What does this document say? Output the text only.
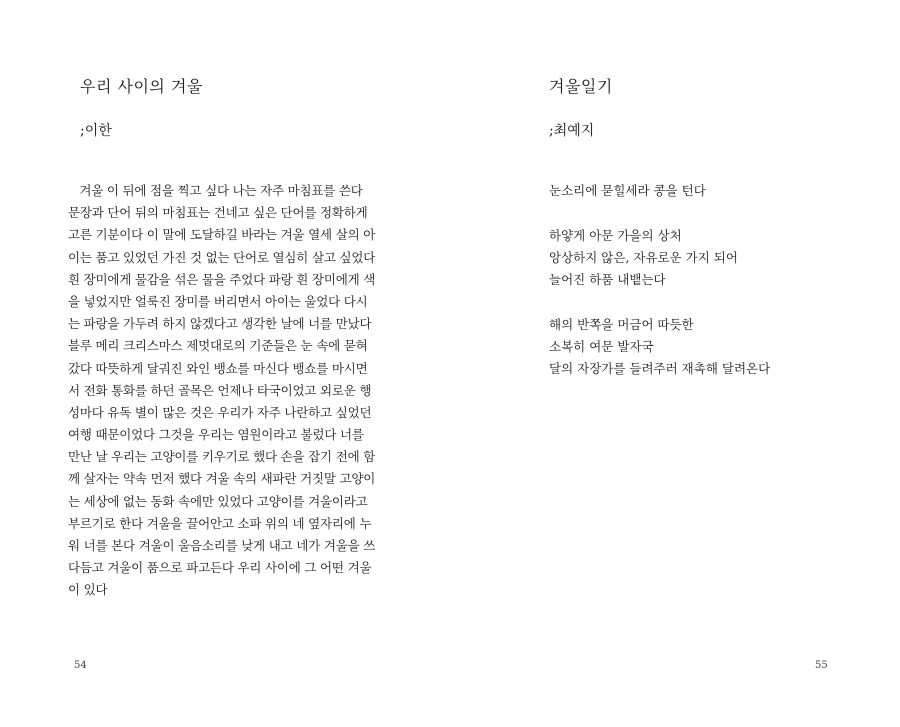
우리 사이의 겨울
;이한
겨울 이 뒤에 점을 찍고 싶다 나는 자주 마침표를 쓴다
문장과 단어 뒤의 마침표는 건네고 싶은 단어를 정확하게
고른 기분이다 이 말에 도달하길 바라는 겨울 열세 살의 아
이는 품고 있었던 가진 것 없는 단어로 열심히 살고 싶었다
흰 장미에게 물감을 섞은 물을 주었다 파랑 흰 장미에게 색
을 넣었지만 얼룩진 장미를 버리면서 아이는 울었다 다시
는 파랑을 가두려 하지 않겠다고 생각한 날에 너를 만났다
블루 메리 크리스마스 제멋대로의 기준들은 눈 속에 묻혀
갔다 따뜻하게 달궈진 와인 뱅쇼를 마신다 뱅쇼를 마시면
서 전화 통화를 하던 골목은 언제나 타국이었고 외로운 행
성마다 유독 별이 많은 것은 우리가 자주 나란하고 싶었던
여행 때문이었다 그것을 우리는 염원이라고 불렀다 너를
만난 날 우리는 고양이를 키우기로 했다 손을 잡기 전에 함
께 살자는 약속 먼저 했다 겨울 속의 새파란 거짓말 고양이
는 세상에 없는 동화 속에만 있었다 고양이를 겨울이라고
부르기로 한다 겨울을 끌어안고 소파 위의 네 옆자리에 누
워 너를 본다 겨울이 울음소리를 낮게 내고 네가 겨울을 쓰
다듬고 겨울이 품으로 파고든다 우리 사이에 그 어떤 겨울
이 있다
54
겨울일기
;최예지
눈소리에 묻힐세라 콩을 턴다
하얗게 아문 가을의 상처
앙상하지 않은, 자유로운 가지 되어
늘어진 하품 내뱉는다
해의 반쪽을 머금어 따듯한
소복히 여문 발자국
달의 자장가를 들려주러 재촉해 달려온다
55
